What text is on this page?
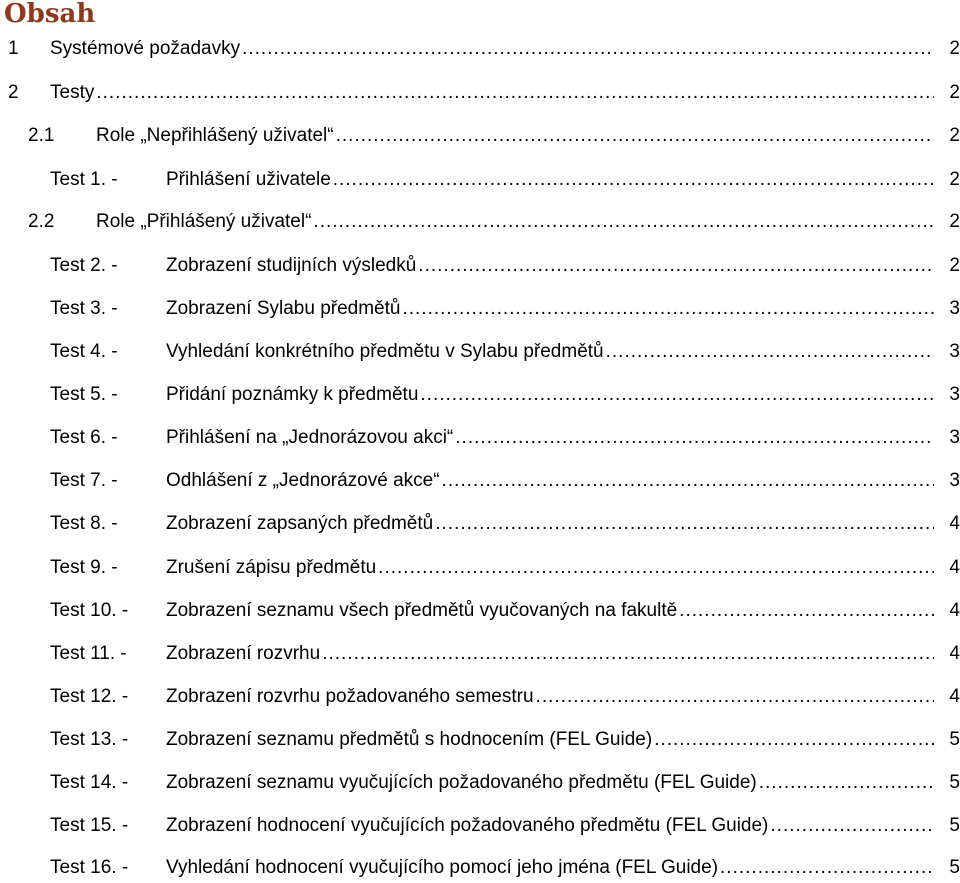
Obsah
1 Systémové požadavky .....	2
2 Testy .....	2
2.1 Role „Nepřihlášený uživatel“ .....	2
Test 1. -	Přihlášení uživatele .....	2
2.2 Role „Přihlášený uživatel“ .....	2
Test 2. -	Zobrazení studijních výsledků .....	2
Test 3. -	Zobrazení Sylabu předmětů .....	3
Test 4. -	Vyhledání konkrétního předmětu v Sylabu předmětů .....	3
Test 5. -	Přidání poznámky k předmětu .....	3
Test 6. -	Přihlášení na „Jednorázovou akci“ .....	3
Test 7. -	Odhlášení z „Jednorázové akce“ .....	3
Test 8. -	Zobrazení zapsaných předmětů .....	4
Test 9. -	Zrušení zápisu předmětu .....	4
Test 10. - Zobrazení seznamu všech předmětů vyučovaných na fakultě .....	4
Test 11. - Zobrazení rozvrhu .....	4
Test 12. - Zobrazení rozvrhu požadovaného semestru .....	4
Test 13. - Zobrazení seznamu předmětů s hodnocením (FEL Guide) .....	5
Test 14. - Zobrazení seznamu vyučujících požadovaného předmětu (FEL Guide) .....	5
Test 15. - Zobrazení hodnocení vyučujících požadovaného předmětu (FEL Guide) .....	5
Test 16. - Vyhledání hodnocení vyučujícího pomocí jeho jména (FEL Guide) .....	5
